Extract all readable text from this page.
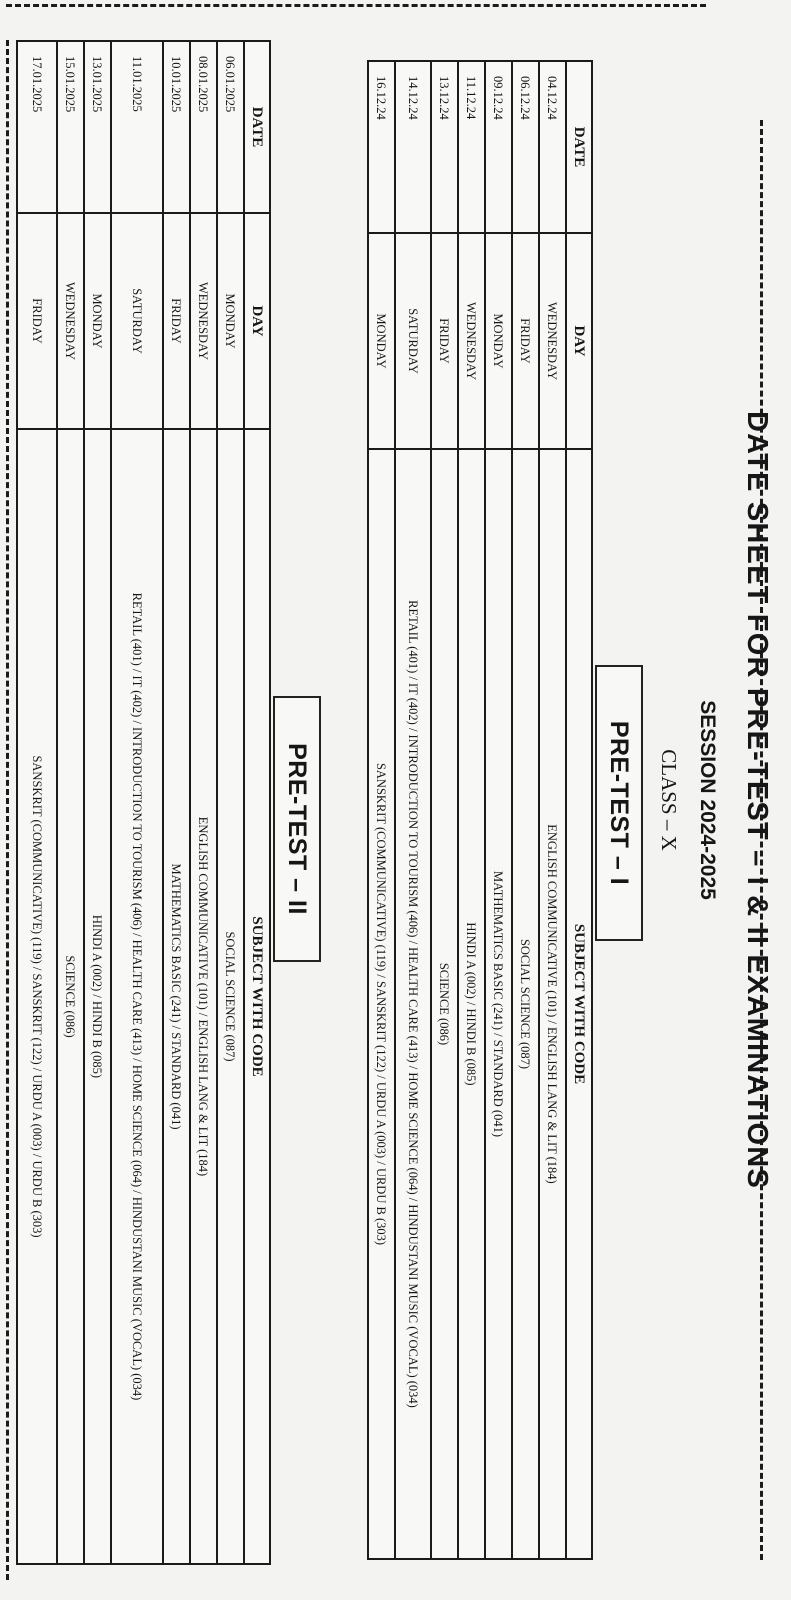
DATE SHEET FOR PRE-TEST – I & II EXAMINATIONS
SESSION 2024-2025
CLASS – X
PRE-TEST – I
DATE	DAY	SUBJECT WITH CODE
04.12.24	WEDNESDAY	ENGLISH COMMUNICATIVE (101) / ENGLISH LANG & LIT (184)
06.12.24	FRIDAY	SOCIAL SCIENCE (087)
09.12.24	MONDAY	MATHEMATICS BASIC (241) / STANDARD (041)
11.12.24	WEDNESDAY	HINDI A (002) / HINDI B (085)
13.12.24	FRIDAY	SCIENCE (086)
14.12.24	SATURDAY	RETAIL (401) / IT (402) / INTRODUCTION TO TOURISM (406) / HEALTH CARE (413) / HOME SCIENCE (064) / HINDUSTANI MUSIC (VOCAL) (034)
16.12.24	MONDAY	SANSKRIT (COMMUNICATIVE) (119) / SANSKRIT (122) / URDU A (003) / URDU B (303)
PRE-TEST – II
DATE	DAY	SUBJECT WITH CODE
06.01.2025	MONDAY	SOCIAL SCIENCE (087)
08.01.2025	WEDNESDAY	ENGLISH COMMUNICATIVE (101) / ENGLISH LANG & LIT (184)
10.01.2025	FRIDAY	MATHEMATICS BASIC (241) / STANDARD (041)
11.01.2025	SATURDAY	RETAIL (401) / IT (402) / INTRODUCTION TO TOURISM (406) / HEALTH CARE (413) / HOME SCIENCE (064) / HINDUSTANI MUSIC (VOCAL) (034)
13.01.2025	MONDAY	HINDI A (002) / HINDI B (085)
15.01.2025	WEDNESDAY	SCIENCE (086)
17.01.2025	FRIDAY	SANSKRIT (COMMUNICATIVE) (119) / SANSKRIT (122) / URDU A (003) / URDU B (303)
